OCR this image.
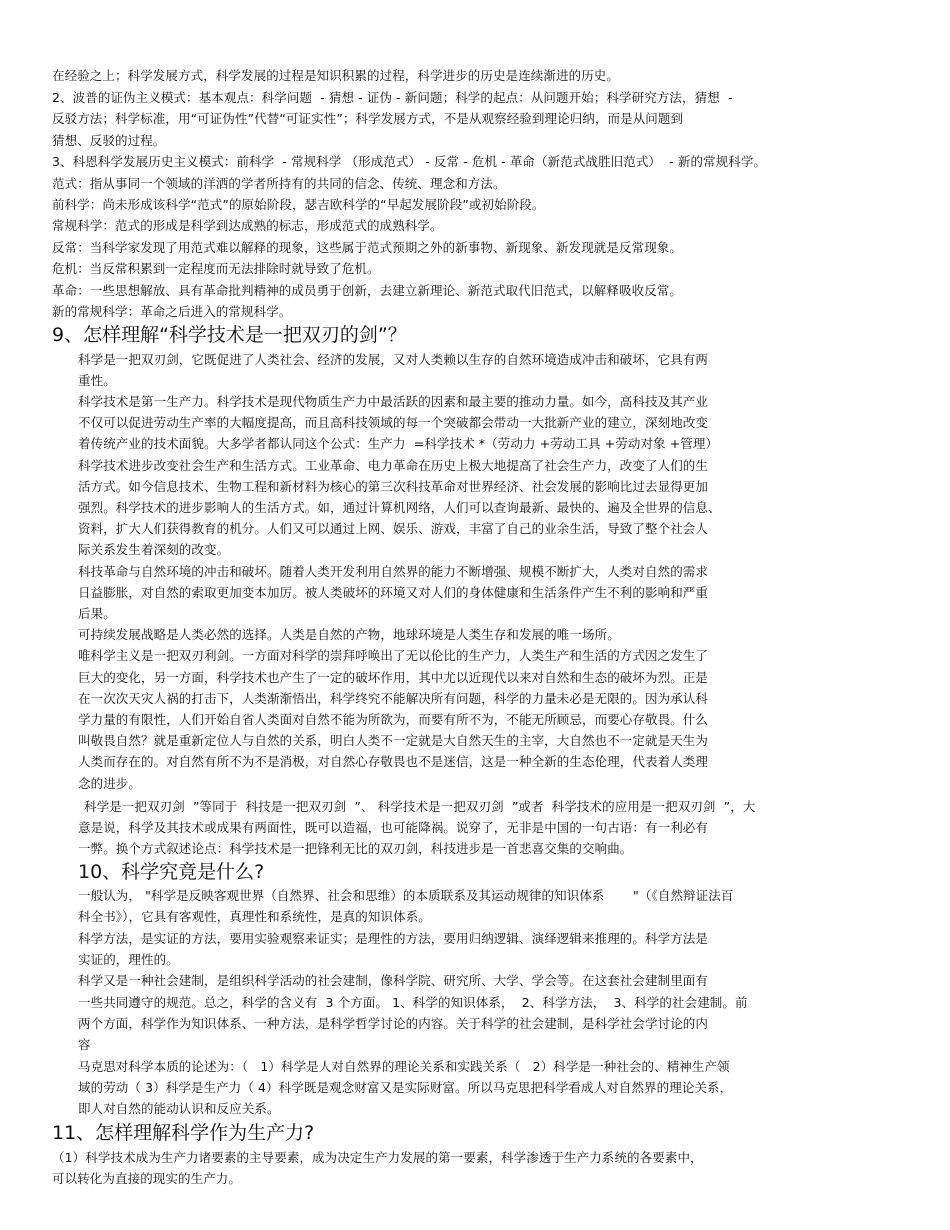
在经验之上；科学发展方式，科学发展的过程是知识积累的过程，科学进步的历史是连续渐进的历史。
2、波普的证伪主义模式：基本观点：科学问题  - 猜想 - 证伪 - 新问题；科学的起点：从问题开始；科学研究方法，猜想  -
反驳方法；科学标准，用“可证伪性”代替“可证实性”；科学发展方式，不是从观察经验到理论归纳，而是从问题到
猜想、反驳的过程。
3、科恩科学发展历史主义模式：前科学  - 常规科学 （形成范式） - 反常 - 危机 - 革命（新范式战胜旧范式）  - 新的常规科学。
范式：指从事同一个领域的洋洒的学者所持有的共同的信念、传统、理念和方法。
前科学：尚未形成该科学“范式”的原始阶段，瑟吉欧科学的“早起发展阶段”或初始阶段。
常规科学：范式的形成是科学到达成熟的标志，形成范式的成熟科学。
反常：当科学家发现了用范式难以解释的现象，这些属于范式预期之外的新事物、新现象、新发现就是反常现象。
危机：当反常积累到一定程度而无法排除时就导致了危机。
革命：一些思想解放、具有革命批判精神的成员勇于创新，去建立新理论、新范式取代旧范式，以解释吸收反常。
新的常规科学：革命之后进入的常规科学。
9、怎样理解“科学技术是一把双刃的剑”？
科学是一把双刃剑，它既促进了人类社会、经济的发展，又对人类赖以生存的自然环境造成冲击和破坏，它具有两
重性。
科学技术是第一生产力。科学技术是现代物质生产力中最活跃的因素和最主要的推动力量。如今，高科技及其产业
不仅可以促进劳动生产率的大幅度提高，而且高科技领域的每一个突破都会带动一大批新产业的建立，深刻地改变
着传统产业的技术面貌。大多学者都认同这个公式：生产力  =科学技术 *（劳动力 +劳动工具 +劳动对象 +管理）
科学技术进步改变社会生产和生活方式。工业革命、电力革命在历史上极大地提高了社会生产力，改变了人们的生
活方式。如今信息技术、生物工程和新材料为核心的第三次科技革命对世界经济、社会发展的影响比过去显得更加
强烈。科学技术的进步影响人的生活方式。如，通过计算机网络，人们可以查询最新、最快的、遍及全世界的信息、
资料，扩大人们获得教育的机分。人们又可以通过上网、娱乐、游戏，丰富了自己的业余生活，导致了整个社会人
际关系发生着深刻的改变。
科技革命与自然环境的冲击和破坏。随着人类开发利用自然界的能力不断增强、规模不断扩大，人类对自然的需求
日益膨胀，对自然的索取更加变本加厉。被人类破坏的环境又对人们的身体健康和生活条件产生不利的影响和严重
后果。
可持续发展战略是人类必然的选择。人类是自然的产物，地球环境是人类生存和发展的唯一场所。
唯科学主义是一把双刃利剑。一方面对科学的崇拜呼唤出了无以伦比的生产力，人类生产和生活的方式因之发生了
巨大的变化，另一方面，科学技术也产生了一定的破坏作用，其中尤以近现代以来对自然和生态的破坏为烈。正是
在一次次天灾人祸的打击下，人类渐渐悟出，科学终究不能解决所有问题，科学的力量未必是无限的。因为承认科
学力量的有限性，人们开始自省人类面对自然不能为所欲为，而要有所不为，不能无所顾忌，而要心存敬畏。什么
叫敬畏自然？就是重新定位人与自然的关系，明白人类不一定就是大自然天生的主宰，大自然也不一定就是天生为
人类而存在的。对自然有所不为不是消极，对自然心存敬畏也不是迷信，这是一种全新的生态伦理，代表着人类理
念的进步。
科学是一把双刃剑  ”等同于  科技是一把双刃剑  ”、 科学技术是一把双刃剑  ”或者  科学技术的应用是一把双刃剑  ”，大
意是说，科学及其技术或成果有两面性，既可以造福，也可能降祸。说穿了，无非是中国的一句古语：有一利必有
一弊。换个方式叙述论点：科学技术是一把锋利无比的双刃剑，科技进步是一首悲喜交集的交响曲。
10、科学究竟是什么?
一般认为， "科学是反映客观世界（自然界、社会和思维）的本质联系及其运动规律的知识体系       "（《自然辩证法百
科全书》），它具有客观性，真理性和系统性，是真的知识体系。
科学方法，是实证的方法，要用实验观察来证实；是理性的方法，要用归纳逻辑、演绎逻辑来推理的。科学方法是
实证的，理性的。
科学又是一种社会建制，是组织科学活动的社会建制，像科学院、研究所、大学、学会等。在这套社会建制里面有
一些共同遵守的规范。总之，科学的含义有  3 个方面。 1、科学的知识体系，  2、科学方法，  3、科学的社会建制。前
两个方面，科学作为知识体系、一种方法，是科学哲学讨论的内容。关于科学的社会建制，是科学社会学讨论的内
容
马克思对科学本质的论述为：（   1）科学是人对自然界的理论关系和实践关系（   2）科学是一种社会的、精神生产领
域的劳动（ 3）科学是生产力（ 4）科学既是观念财富又是实际财富。所以马克思把科学看成人对自然界的理论关系，
即人对自然的能动认识和反应关系。
11、怎样理解科学作为生产力?
（1）科学技术成为生产力诸要素的主导要素，成为决定生产力发展的第一要素，科学渗透于生产力系统的各要素中，
可以转化为直接的现实的生产力。
